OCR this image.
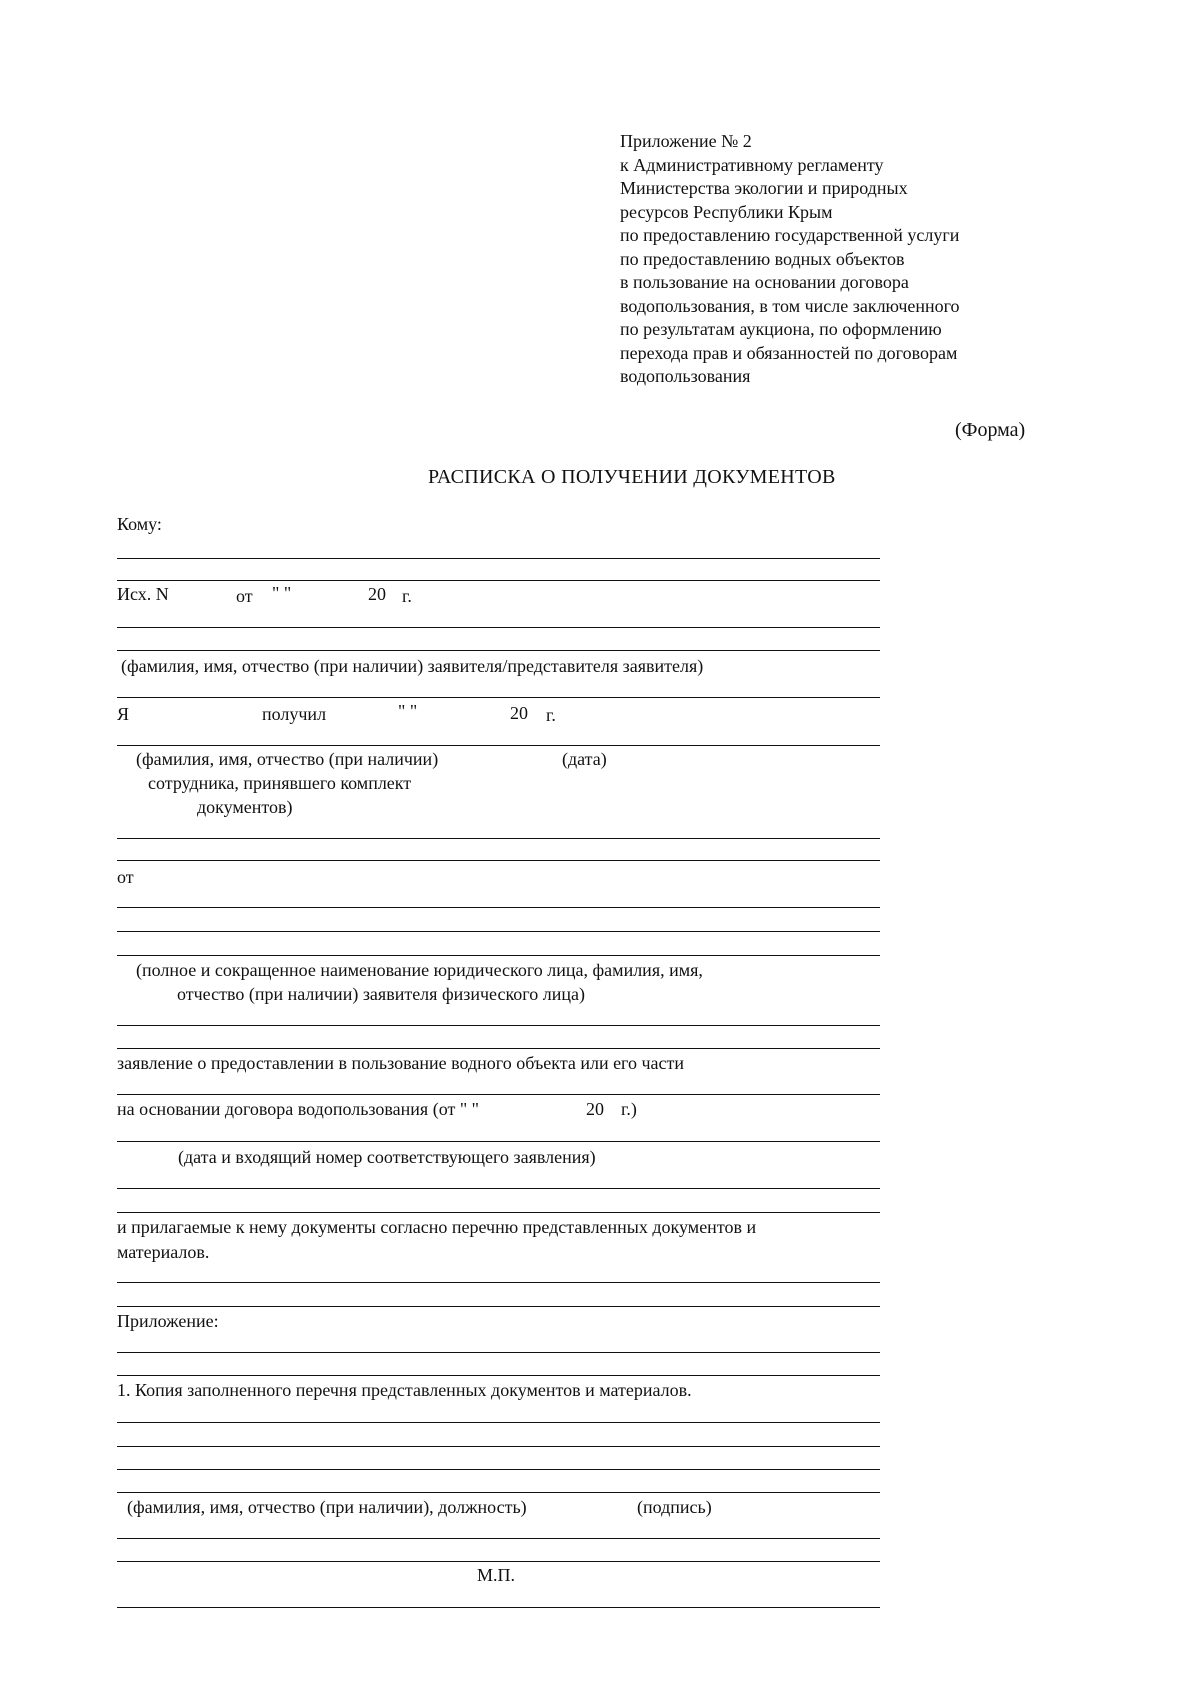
Приложение № 2
к Административному регламенту
Министерства экологии и природных
ресурсов Республики Крым
по предоставлению государственной услуги
по предоставлению водных объектов
в пользование на основании договора
водопользования, в том числе заключенного
по результатам аукциона, по оформлению
перехода прав и обязанностей по договорам
водопользования
(Форма)
РАСПИСКА О ПОЛУЧЕНИИ ДОКУМЕНТОВ
Кому:
Исх. N	от " "	20 г.
(фамилия, имя, отчество (при наличии) заявителя/представителя заявителя)
Я	получил	" "	20 г.
(фамилия, имя, отчество (при наличии)	(дата)
сотрудника, принявшего комплект
документов)
от
(полное и сокращенное наименование юридического лица, фамилия, имя,
отчество (при наличии) заявителя физического лица)
заявление о предоставлении в пользование водного объекта или его части
на основании договора водопользования (от " "	20 г.)
(дата и входящий номер соответствующего заявления)
и прилагаемые к нему документы согласно перечню представленных документов и
материалов.
Приложение:
1. Копия заполненного перечня представленных документов и материалов.
(фамилия, имя, отчество (при наличии), должность)	(подпись)
М.П.
